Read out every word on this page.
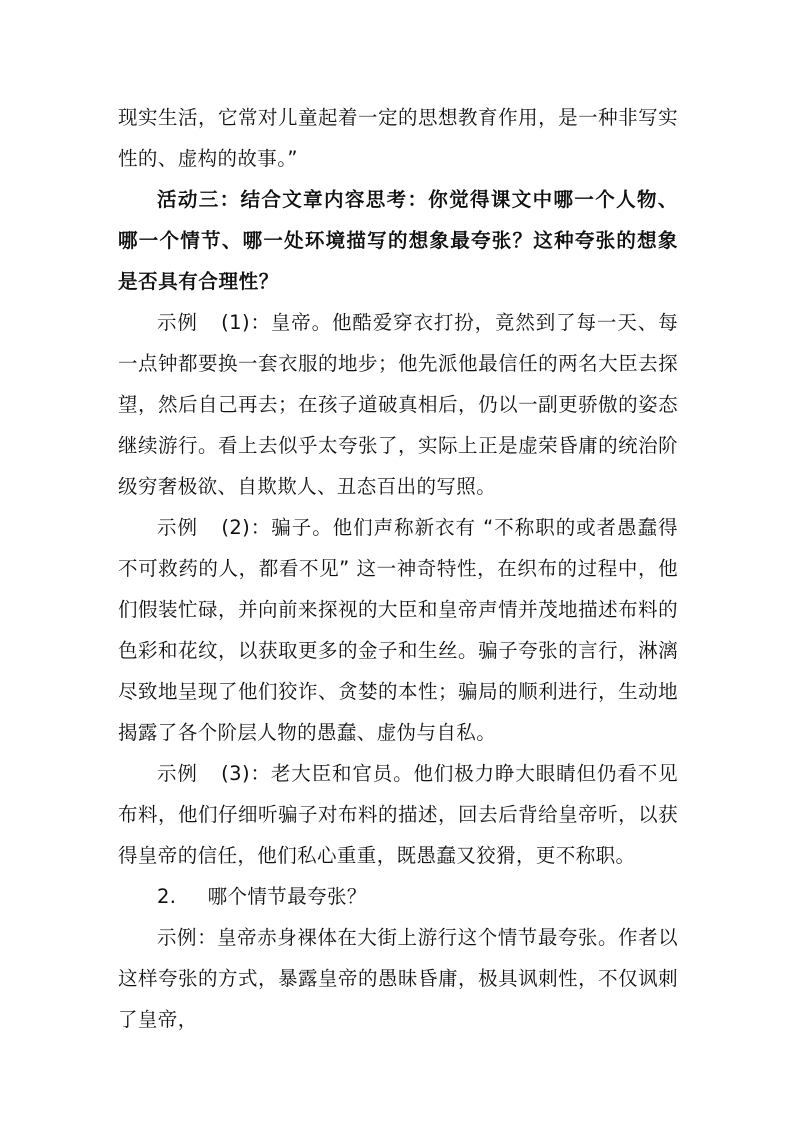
现实生活，它常对儿童起着一定的思想教育作用，是一种非写实性的、虚构的故事。”

活动三：结合文章内容思考：你觉得课文中哪一个人物、哪一个情节、哪一处环境描写的想象最夸张？这种夸张的想象是否具有合理性？

示例 (1)：皇帝。他酷爱穿衣打扮，竟然到了每一天、每一点钟都要换一套衣服的地步；他先派他最信任的两名大臣去探望，然后自己再去；在孩子道破真相后，仍以一副更骄傲的姿态继续游行。看上去似乎太夸张了，实际上正是虚荣昏庸的统治阶级穷奢极欲、自欺欺人、丑态百出的写照。

示例 (2)：骗子。他们声称新衣有 “不称职的或者愚蠢得不可救药的人，都看不见” 这一神奇特性，在织布的过程中，他们假装忙碌，并向前来探视的大臣和皇帝声情并茂地描述布料的色彩和花纹，以获取更多的金子和生丝。骗子夸张的言行，淋漓尽致地呈现了他们狡诈、贪婪的本性；骗局的顺利进行，生动地揭露了各个阶层人物的愚蠢、虚伪与自私。

示例 (3)：老大臣和官员。他们极力睁大眼睛但仍看不见布料，他们仔细听骗子对布料的描述，回去后背给皇帝听，以获得皇帝的信任，他们私心重重，既愚蠢又狡猾，更不称职。

2. 哪个情节最夸张？

示例：皇帝赤身裸体在大街上游行这个情节最夸张。作者以这样夸张的方式，暴露皇帝的愚昧昏庸，极具讽刺性，不仅讽刺了皇帝，
